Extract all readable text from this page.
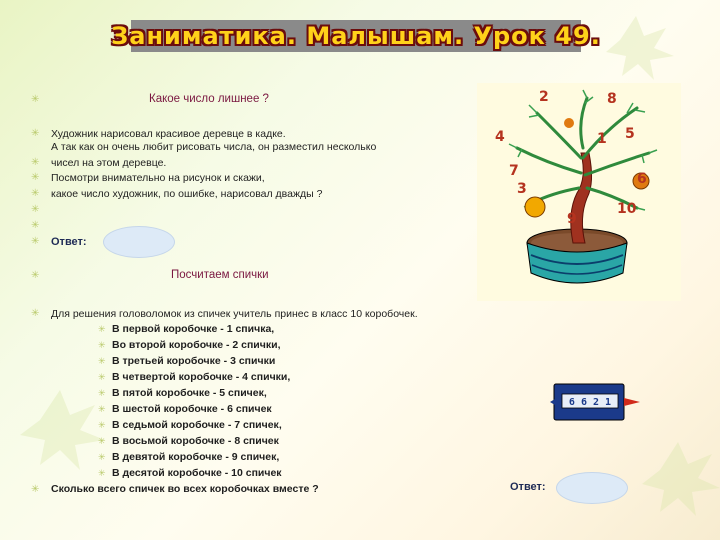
Заниматика. Малышам. Урок 49.
✳	Какое число лишнее ?
✳ Художник нарисовал красивое деревце в кадке.
А так как он очень любит рисовать числа, он разместил несколько
✳ чисел на этом деревце.
✳ Посмотри внимательно на рисунок и скажи,
✳ какое число художник, по ошибке, нарисовал дважды ?
✳
✳
✳ Ответ:
2
4
8
7
5
6
3
9
10
1
✳	Посчитаем спички
✳ Для решения головоломок из спичек учитель принес в класс 10 коробочек.
✳ В первой коробочке - 1 спичка,
✳ Во второй коробочке - 2 спички,
✳ В третьей коробочке - 3 спички
✳ В четвертой коробочке - 4 спички,
✳ В пятой коробочке - 5 спичек,
✳ В шестой коробочке - 6 спичек
✳ В седьмой коробочке - 7 спичек,
✳ В восьмой коробочке - 8 спичек
✳ В девятой коробочке - 9 спичек,
✳ В десятой коробочке - 10 спичек
✳ Сколько всего спичек во всех коробочках вместе ?	Ответ:
6 6 2 1
